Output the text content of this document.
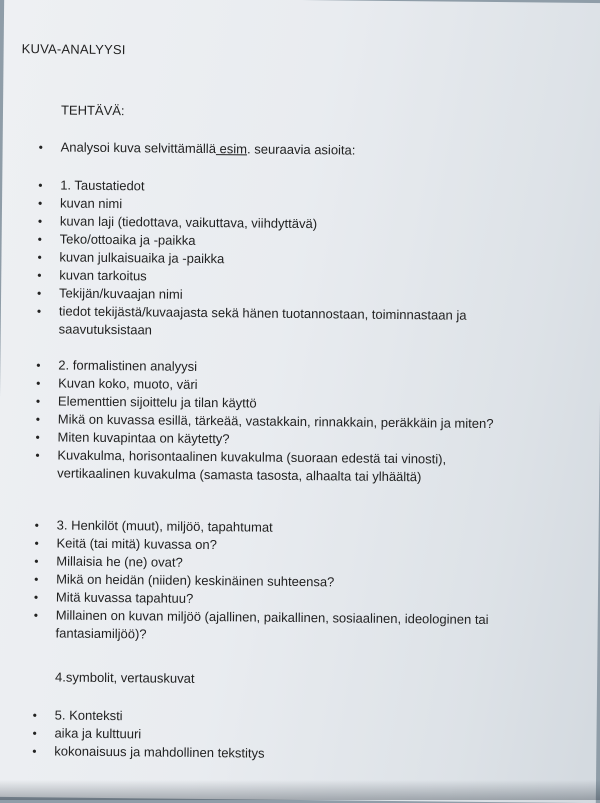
KUVA-ANALYYSI
TEHTÄVÄ:
• Analysoi kuva selvittämällä esim. seuraavia asioita:
• 1. Taustatiedot
• kuvan nimi
• kuvan laji (tiedottava, vaikuttava, viihdyttävä)
• Teko/ottoaika ja -paikka
• kuvan julkaisuaika ja -paikka
• kuvan tarkoitus
• Tekijän/kuvaajan nimi
• tiedot tekijästä/kuvaajasta sekä hänen tuotannostaan, toiminnastaan ja
saavutuksistaan
• 2. formalistinen analyysi
• Kuvan koko, muoto, väri
• Elementtien sijoittelu ja tilan käyttö
• Mikä on kuvassa esillä, tärkeää, vastakkain, rinnakkain, peräkkäin ja miten?
• Miten kuvapintaa on käytetty?
• Kuvakulma, horisontaalinen kuvakulma (suoraan edestä tai vinosti),
vertikaalinen kuvakulma (samasta tasosta, alhaalta tai ylhäältä)
• 3. Henkilöt (muut), miljöö, tapahtumat
• Keitä (tai mitä) kuvassa on?
• Millaisia he (ne) ovat?
• Mikä on heidän (niiden) keskinäinen suhteensa?
• Mitä kuvassa tapahtuu?
• Millainen on kuvan miljöö (ajallinen, paikallinen, sosiaalinen, ideologinen tai
fantasiamiljöö)?
4.symbolit, vertauskuvat
• 5. Konteksti
• aika ja kulttuuri
• kokonaisuus ja mahdollinen tekstitys
